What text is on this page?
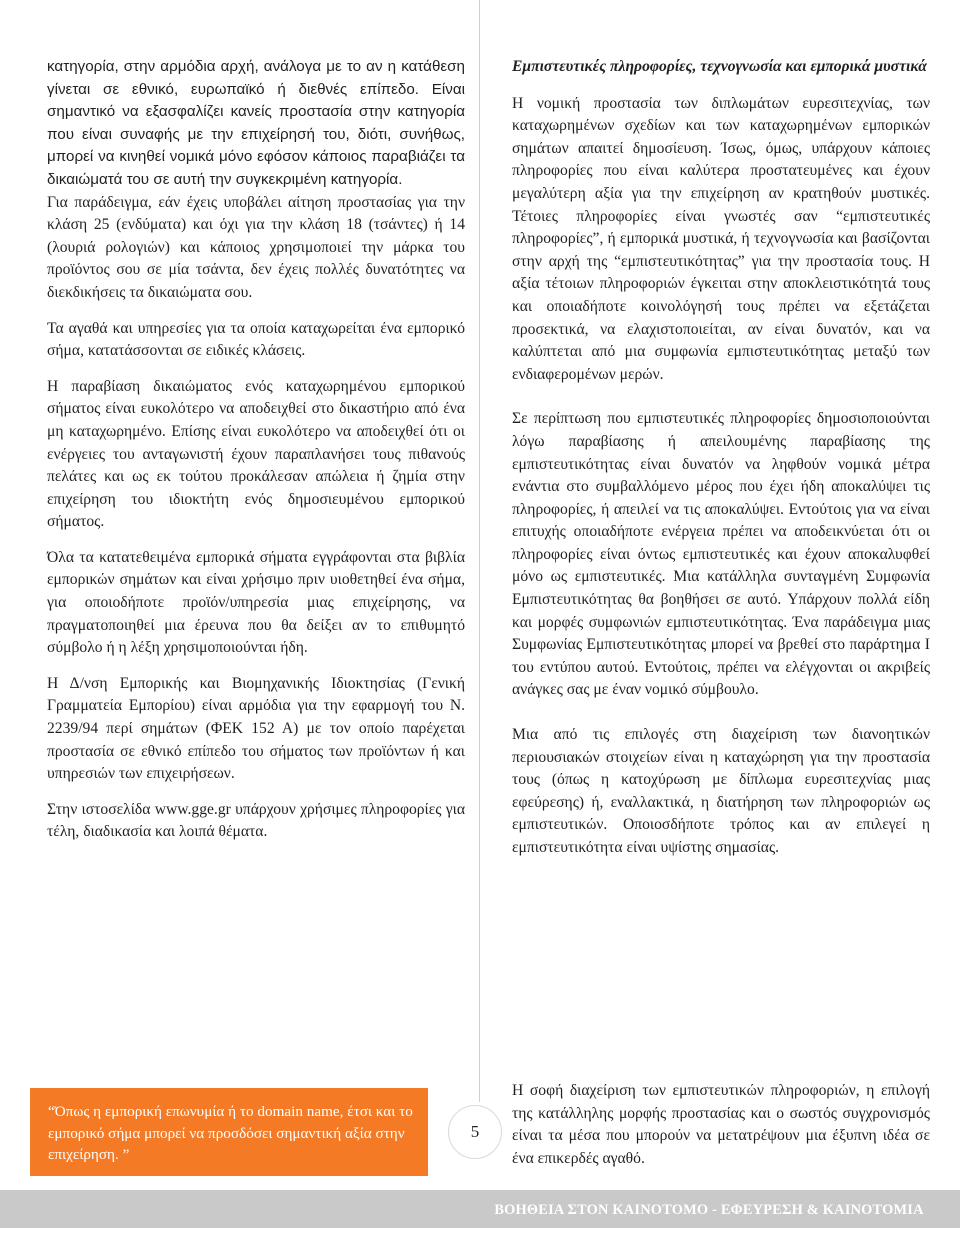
κατηγορία, στην αρμόδια αρχή, ανάλογα με το αν η κατάθεση γίνεται σε εθνικό, ευρωπαϊκό ή διεθνές επίπεδο. Είναι σημαντικό να εξασφαλίζει κανείς προστασία στην κατηγορία που είναι συναφής με την επιχείρησή του, διότι, συνήθως, μπορεί να κινηθεί νομικά μόνο εφόσον κάποιος παραβιάζει τα δικαιώματά του σε αυτή την συγκεκριμένη κατηγορία.

Για παράδειγμα, εάν έχεις υποβάλει αίτηση προστασίας για την κλάση 25 (ενδύματα) και όχι για την κλάση 18 (τσάντες) ή 14 (λουριά ρολογιών) και κάποιος χρησιμοποιεί την μάρκα του προϊόντος σου σε μία τσάντα, δεν έχεις πολλές δυνατότητες να διεκδικήσεις τα δικαιώματα σου.

Τα αγαθά και υπηρεσίες για τα οποία καταχωρείται ένα εμπορικό σήμα, κατατάσσονται σε ειδικές κλάσεις.

Η παραβίαση δικαιώματος ενός καταχωρημένου εμπορικού σήματος είναι ευκολότερο να αποδειχθεί στο δικαστήριο από ένα μη καταχωρημένο. Επίσης είναι ευκολότερο να αποδειχθεί ότι οι ενέργειες του ανταγωνιστή έχουν παραπλανήσει τους πιθανούς πελάτες και ως εκ τούτου προκάλεσαν απώλεια ή ζημία στην επιχείρηση του ιδιοκτήτη ενός δημοσιευμένου εμπορικού σήματος.

Όλα τα κατατεθειμένα εμπορικά σήματα εγγράφονται στα βιβλία εμπορικών σημάτων και είναι χρήσιμο πριν υιοθετηθεί ένα σήμα, για οποιοδήποτε προϊόν/υπηρεσία μιας επιχείρησης, να πραγματοποιηθεί μια έρευνα που θα δείξει αν το επιθυμητό σύμβολο ή η λέξη χρησιμοποιούνται ήδη.

Η Δ/νση Εμπορικής και Βιομηχανικής Ιδιοκτησίας (Γενική Γραμματεία Εμπορίου) είναι αρμόδια για την εφαρμογή του Ν. 2239/94 περί σημάτων (ΦΕΚ 152 Α) με τον οποίο παρέχεται προστασία σε εθνικό επίπεδο του σήματος των προϊόντων ή και υπηρεσιών των επιχειρήσεων.

Στην ιστοσελίδα www.gge.gr υπάρχουν χρήσιμες πληροφορίες για τέλη, διαδικασία και λοιπά θέματα.

Εμπιστευτικές πληροφορίες, τεχνογνωσία και εμπορικά μυστικά

Η νομική προστασία των διπλωμάτων ευρεσιτεχνίας, των καταχωρημένων σχεδίων και των καταχωρημένων εμπορικών σημάτων απαιτεί δημοσίευση. Ίσως, όμως, υπάρχουν κάποιες πληροφορίες που είναι καλύτερα προστατευμένες και έχουν μεγαλύτερη αξία για την επιχείρηση αν κρατηθούν μυστικές. Τέτοιες πληροφορίες είναι γνωστές σαν “εμπιστευτικές πληροφορίες”, ή εμπορικά μυστικά, ή τεχνογνωσία και βασίζονται στην αρχή της “εμπιστευτικότητας” για την προστασία τους. Η αξία τέτοιων πληροφοριών έγκειται στην αποκλειστικότητά τους και οποιαδήποτε κοινολόγησή τους πρέπει να εξετάζεται προσεκτικά, να ελαχιστοποιείται, αν είναι δυνατόν, και να καλύπτεται από μια συμφωνία εμπιστευτικότητας μεταξύ των ενδιαφερομένων μερών.

Σε περίπτωση που εμπιστευτικές πληροφορίες δημοσιοποιούνται λόγω παραβίασης ή απειλουμένης παραβίασης της εμπιστευτικότητας είναι δυνατόν να ληφθούν νομικά μέτρα ενάντια στο συμβαλλόμενο μέρος που έχει ήδη αποκαλύψει τις πληροφορίες, ή απειλεί να τις αποκαλύψει. Εντούτοις για να είναι επιτυχής οποιαδήποτε ενέργεια πρέπει να αποδεικνύεται ότι οι πληροφορίες είναι όντως εμπιστευτικές και έχουν αποκαλυφθεί μόνο ως εμπιστευτικές. Μια κατάλληλα συνταγμένη Συμφωνία Εμπιστευτικότητας θα βοηθήσει σε αυτό. Υπάρχουν πολλά είδη και μορφές συμφωνιών εμπιστευτικότητας. Ένα παράδειγμα μιας Συμφωνίας Εμπιστευτικότητας μπορεί να βρεθεί στο παράρτημα Ι του εντύπου αυτού. Εντούτοις, πρέπει να ελέγχονται οι ακριβείς ανάγκες σας με έναν νομικό σύμβουλο.

Μια από τις επιλογές στη διαχείριση των διανοητικών περιουσιακών στοιχείων είναι η καταχώρηση για την προστασία τους (όπως η κατοχύρωση με δίπλωμα ευρεσιτεχνίας μιας εφεύρεσης) ή, εναλλακτικά, η διατήρηση των πληροφοριών ως εμπιστευτικών. Οποιοσδήποτε τρόπος και αν επιλεγεί η εμπιστευτικότητα είναι υψίστης σημασίας.

“Όπως η εμπορική επωνυμία ή το domain name, έτσι και το εμπορικό σήμα μπορεί να προσδόσει σημαντική αξία στην επιχείρηση. ”
5

Η σοφή διαχείριση των εμπιστευτικών πληροφοριών, η επιλογή της κατάλληλης μορφής προστασίας και ο σωστός συγχρονισμός είναι τα μέσα που μπορούν να μετατρέψουν μια έξυπνη ιδέα σε ένα επικερδές αγαθό.

ΒΟΗΘΕΙΑ ΣΤΟΝ ΚΑΙΝΟΤΟΜΟ - ΕΦΕΥΡΕΣΗ & ΚΑΙΝΟΤΟΜΙΑ
